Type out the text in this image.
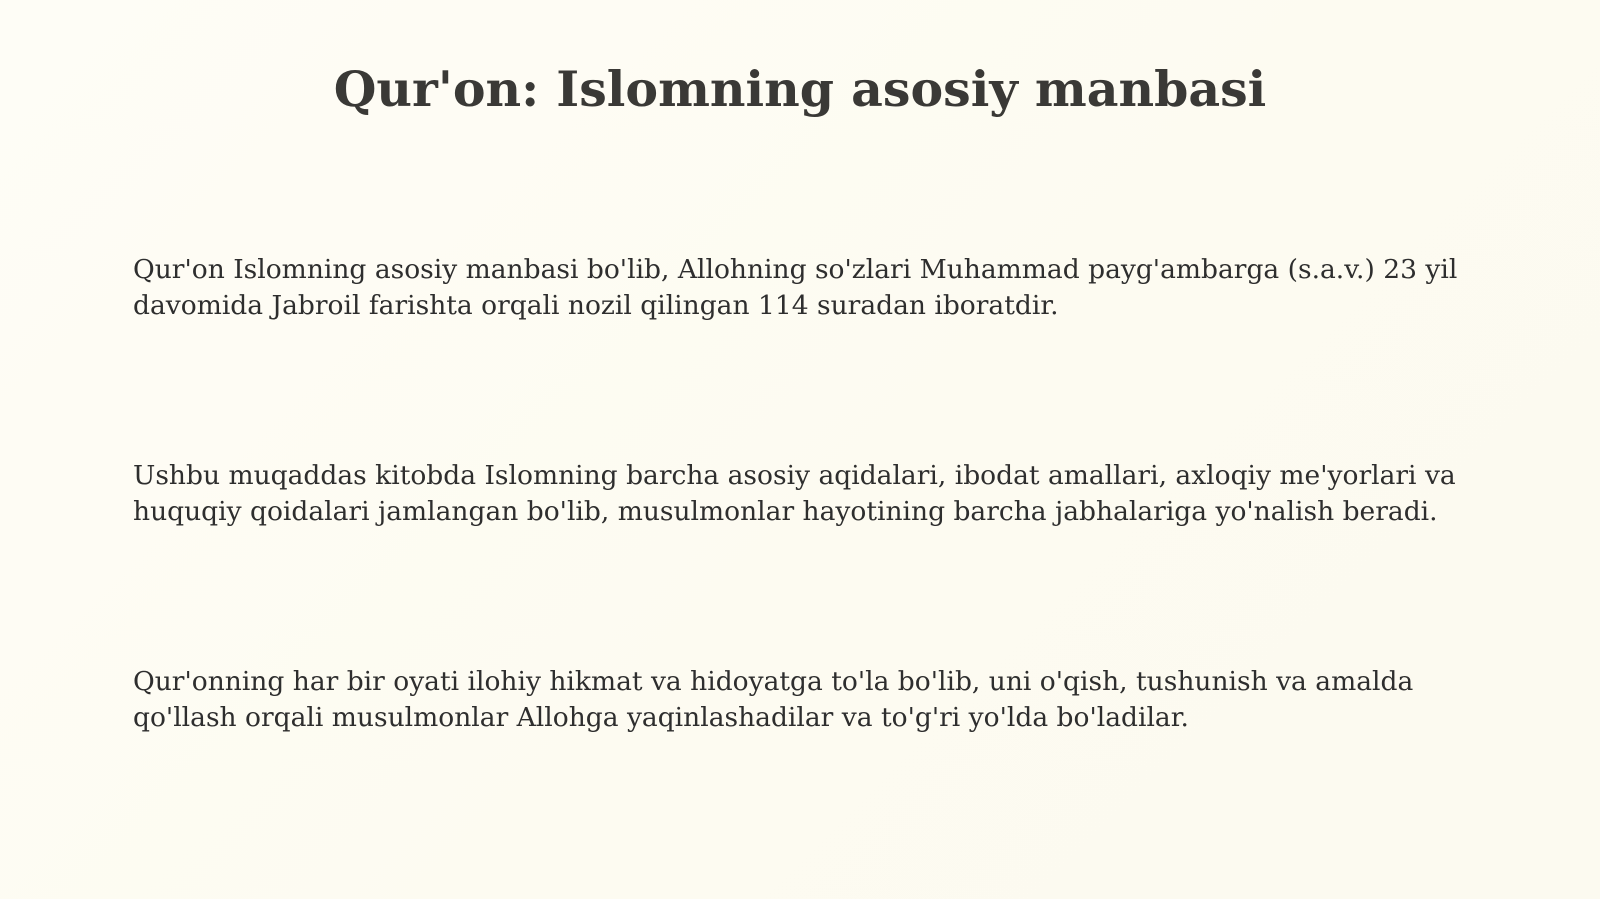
Qur'on: Islomning asosiy manbasi

Qur'on Islomning asosiy manbasi bo'lib, Allohning so'zlari Muhammad payg'ambarga (s.a.v.) 23 yil davomida Jabroil farishta orqali nozil qilingan 114 suradan iboratdir.

Ushbu muqaddas kitobda Islomning barcha asosiy aqidalari, ibodat amallari, axloqiy me'yorlari va huquqiy qoidalari jamlangan bo'lib, musulmonlar hayotining barcha jabhalariga yo'nalish beradi.

Qur'onning har bir oyati ilohiy hikmat va hidoyatga to'la bo'lib, uni o'qish, tushunish va amalda qo'llash orqali musulmonlar Allohga yaqinlashadilar va to'g'ri yo'lda bo'ladilar.
